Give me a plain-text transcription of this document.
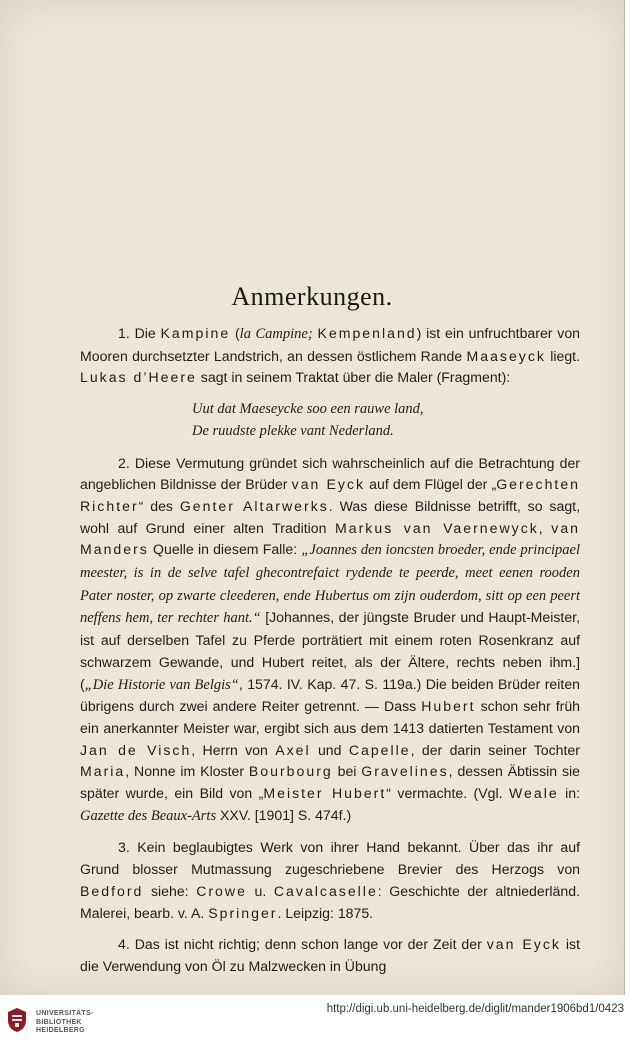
Anmerkungen.

1. Die Kampine (la Campine; Kempenland) ist ein unfruchtbarer von Mooren durchsetzter Landstrich, an dessen östlichem Rande Maaseyck liegt. Lukas d’Heere sagt in seinem Traktat über die Maler (Fragment):

Uut dat Maeseycke soo een rauwe land,
De ruudste plekke vant Nederland.

2. Diese Vermutung gründet sich wahrscheinlich auf die Betrachtung der angeblichen Bildnisse der Brüder van Eyck auf dem Flügel der „Gerechten Richter“ des Genter Altarwerks. Was diese Bildnisse betrifft, so sagt, wohl auf Grund einer alten Tradition Markus van Vaernewyck, van Manders Quelle in diesem Falle: „Joannes den ioncsten broeder, ende principael meester, is in de selve tafel ghecontrefaict rydende te peerde, meet eenen rooden Pater noster, op zwarte cleederen, ende Hubertus om zijn ouderdom, sitt op een peert neffens hem, ter rechter hant.“ [Johannes, der jüngste Bruder und Haupt-Meister, ist auf derselben Tafel zu Pferde porträtiert mit einem roten Rosenkranz auf schwarzem Gewande, und Hubert reitet, als der Ältere, rechts neben ihm.] („Die Historie van Belgis“, 1574. IV. Kap. 47. S. 119a.) Die beiden Brüder reiten übrigens durch zwei andere Reiter getrennt. — Dass Hubert schon sehr früh ein anerkannter Meister war, ergibt sich aus dem 1413 datierten Testament von Jan de Visch, Herrn von Axel und Capelle, der darin seiner Tochter Maria, Nonne im Kloster Bourbourg bei Gravelines, dessen Äbtissin sie später wurde, ein Bild von „Meister Hubert“ vermachte. (Vgl. Weale in: Gazette des Beaux-Arts XXV. [1901] S. 474f.)

3. Kein beglaubigtes Werk von ihrer Hand bekannt. Über das ihr auf Grund blosser Mutmassung zugeschriebene Brevier des Herzogs von Bedford siehe: Crowe u. Cavalcaselle: Geschichte der altniederländ. Malerei, bearb. v. A. Springer. Leipzig: 1875.

4. Das ist nicht richtig; denn schon lange vor der Zeit der van Eyck ist die Verwendung von Öl zu Malzwecken in Übung

UNIVERSITÄTS-
BIBLIOTHEK
HEIDELBERG
http://digi.ub.uni-heidelberg.de/diglit/mander1906bd1/0423
